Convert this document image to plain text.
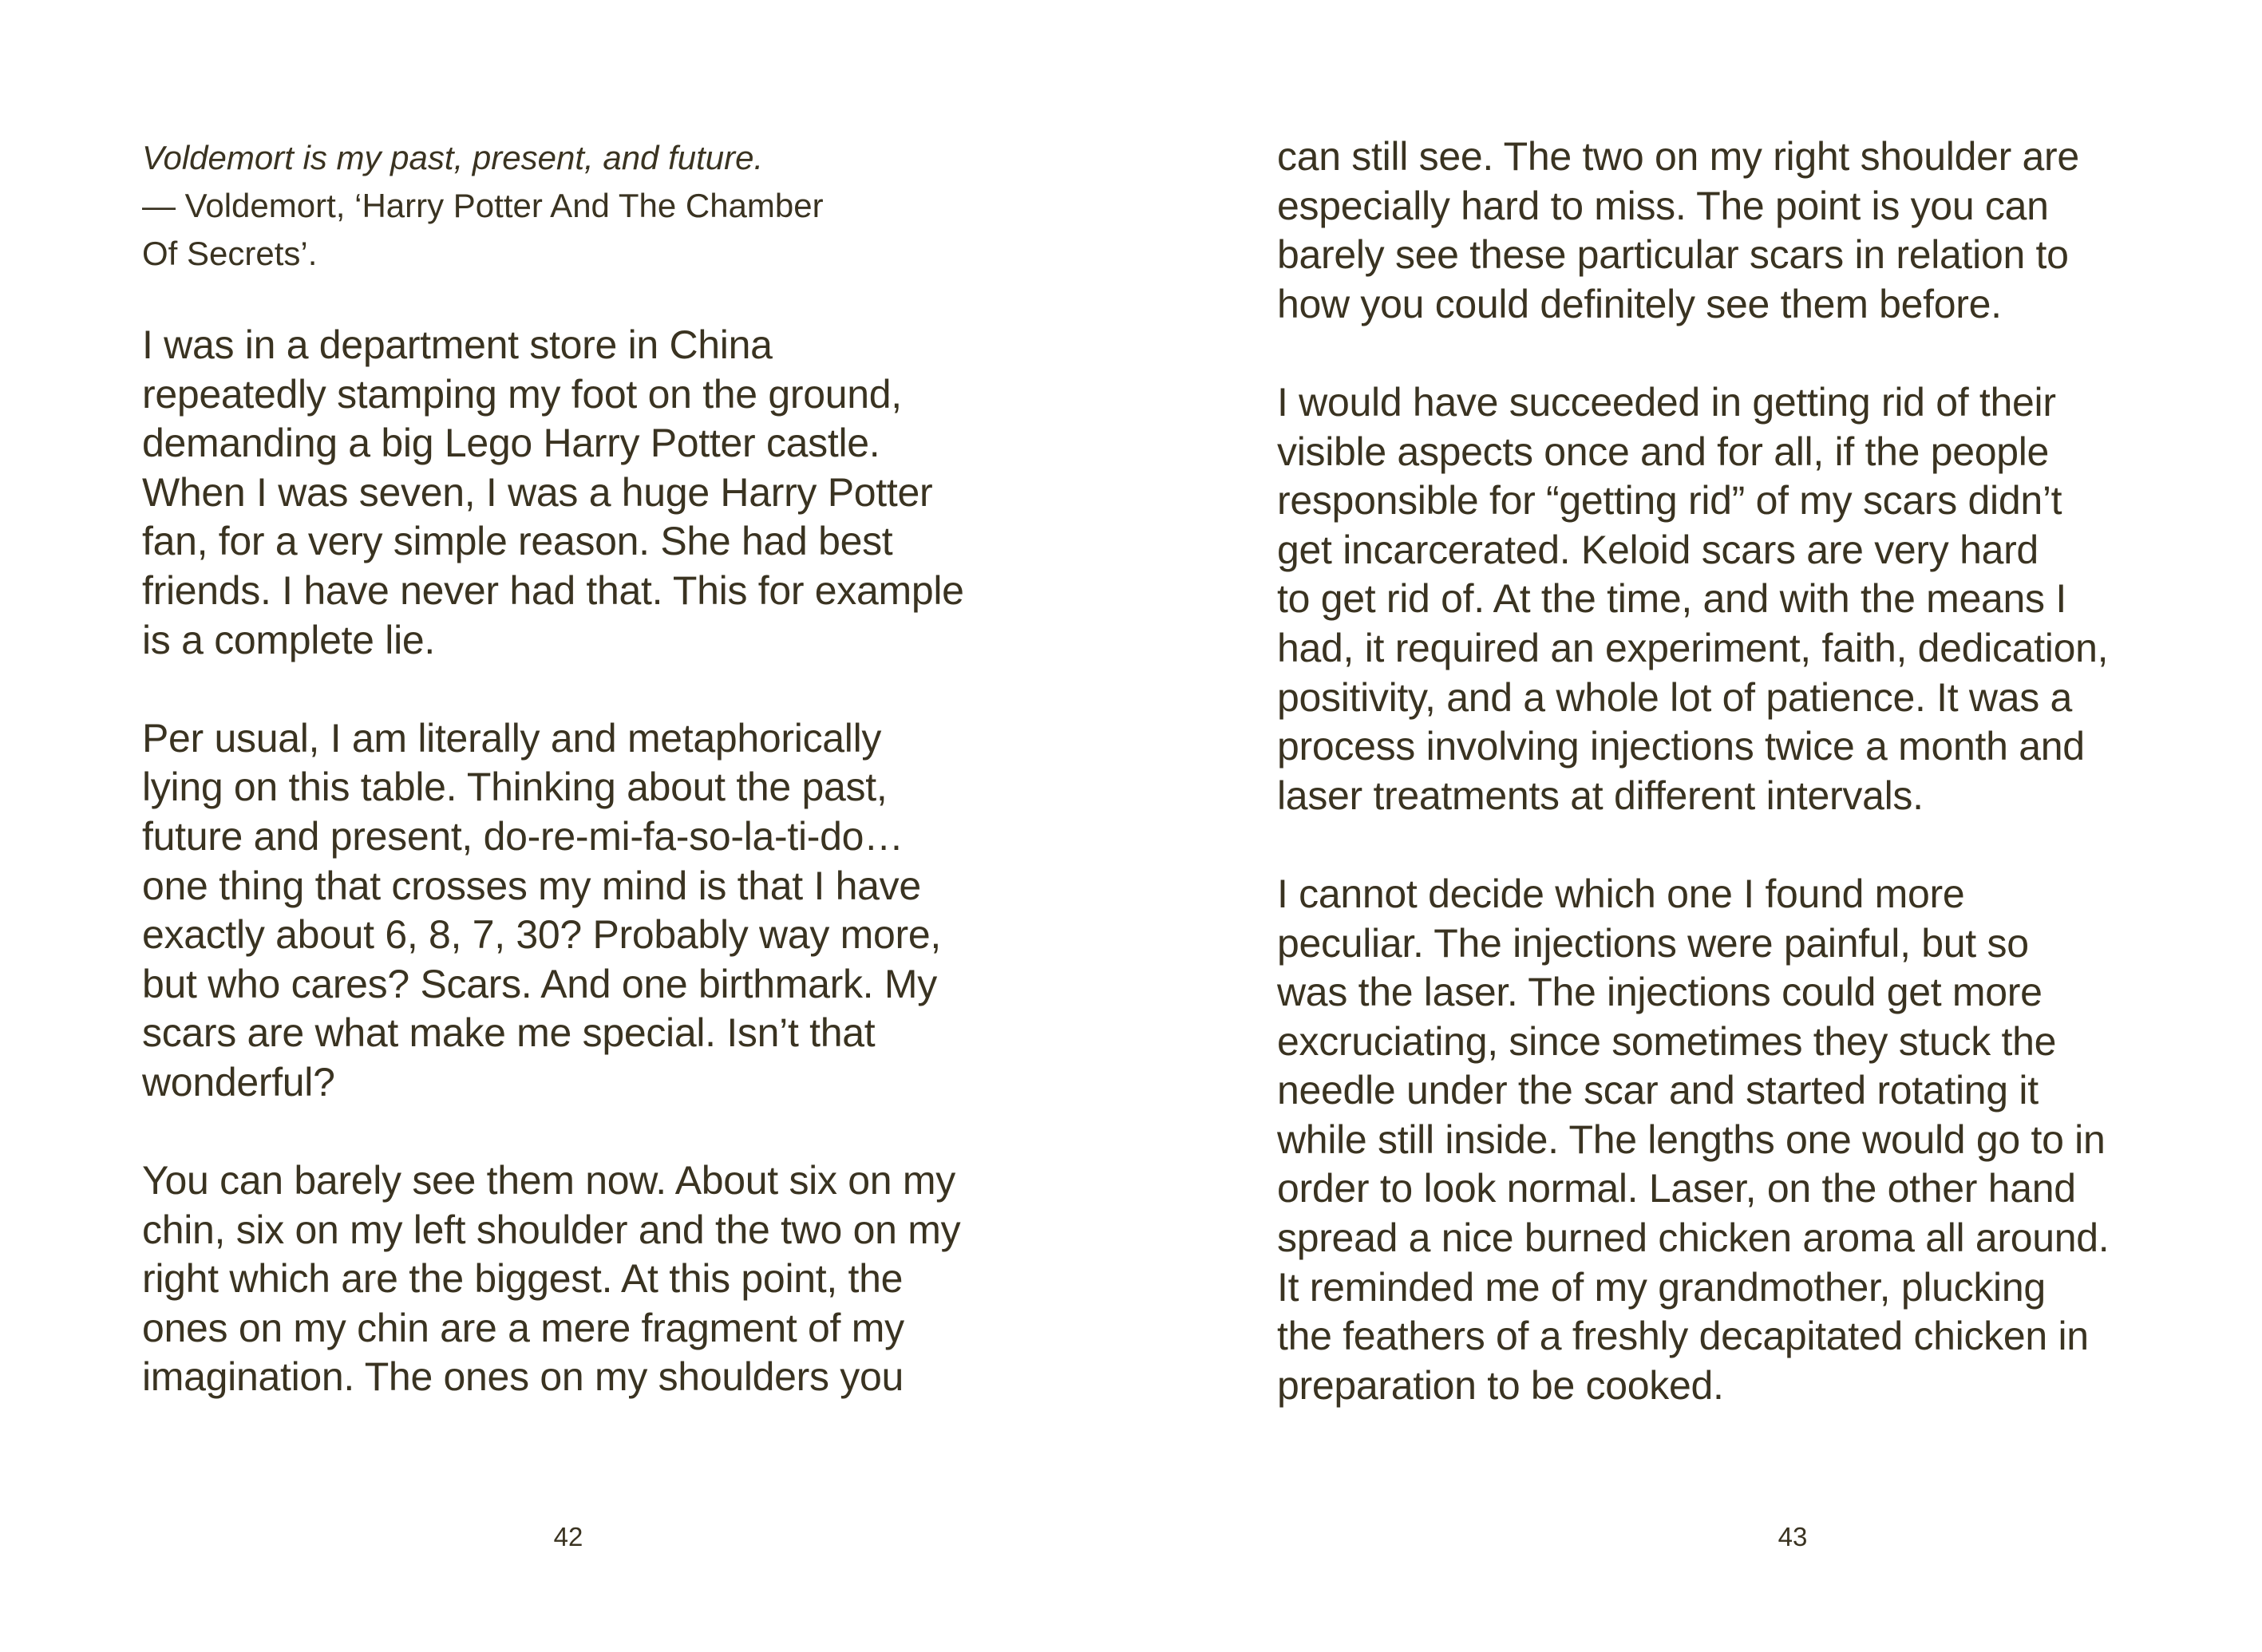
Voldemort is my past, present, and future.

— Voldemort, ‘Harry Potter And The Chamber
Of Secrets’.

I was in a department store in China
repeatedly stamping my foot on the ground,
demanding a big Lego Harry Potter castle.
When I was seven, I was a huge Harry Potter
fan, for a very simple reason. She had best
friends. I have never had that. This for example
is a complete lie.

Per usual, I am literally and metaphorically
lying on this table. Thinking about the past,
future and present, do-re-mi-fa-so-la-ti-do…
one thing that crosses my mind is that I have
exactly about 6, 8, 7, 30? Probably way more,
but who cares? Scars. And one birthmark. My
scars are what make me special. Isn’t that
wonderful?

You can barely see them now. About six on my
chin, six on my left shoulder and the two on my
right which are the biggest. At this point, the
ones on my chin are a mere fragment of my
imagination. The ones on my shoulders you

42

can still see. The two on my right shoulder are
especially hard to miss. The point is you can
barely see these particular scars in relation to
how you could definitely see them before.

I would have succeeded in getting rid of their
visible aspects once and for all, if the people
responsible for “getting rid” of my scars didn’t
get incarcerated. Keloid scars are very hard
to get rid of. At the time, and with the means I
had, it required an experiment, faith, dedication,
positivity, and a whole lot of patience. It was a
process involving injections twice a month and
laser treatments at different intervals.

I cannot decide which one I found more
peculiar. The injections were painful, but so
was the laser. The injections could get more
excruciating, since sometimes they stuck the
needle under the scar and started rotating it
while still inside. The lengths one would go to in
order to look normal. Laser, on the other hand
spread a nice burned chicken aroma all around.
It reminded me of my grandmother, plucking
the feathers of a freshly decapitated chicken in
preparation to be cooked.

43
